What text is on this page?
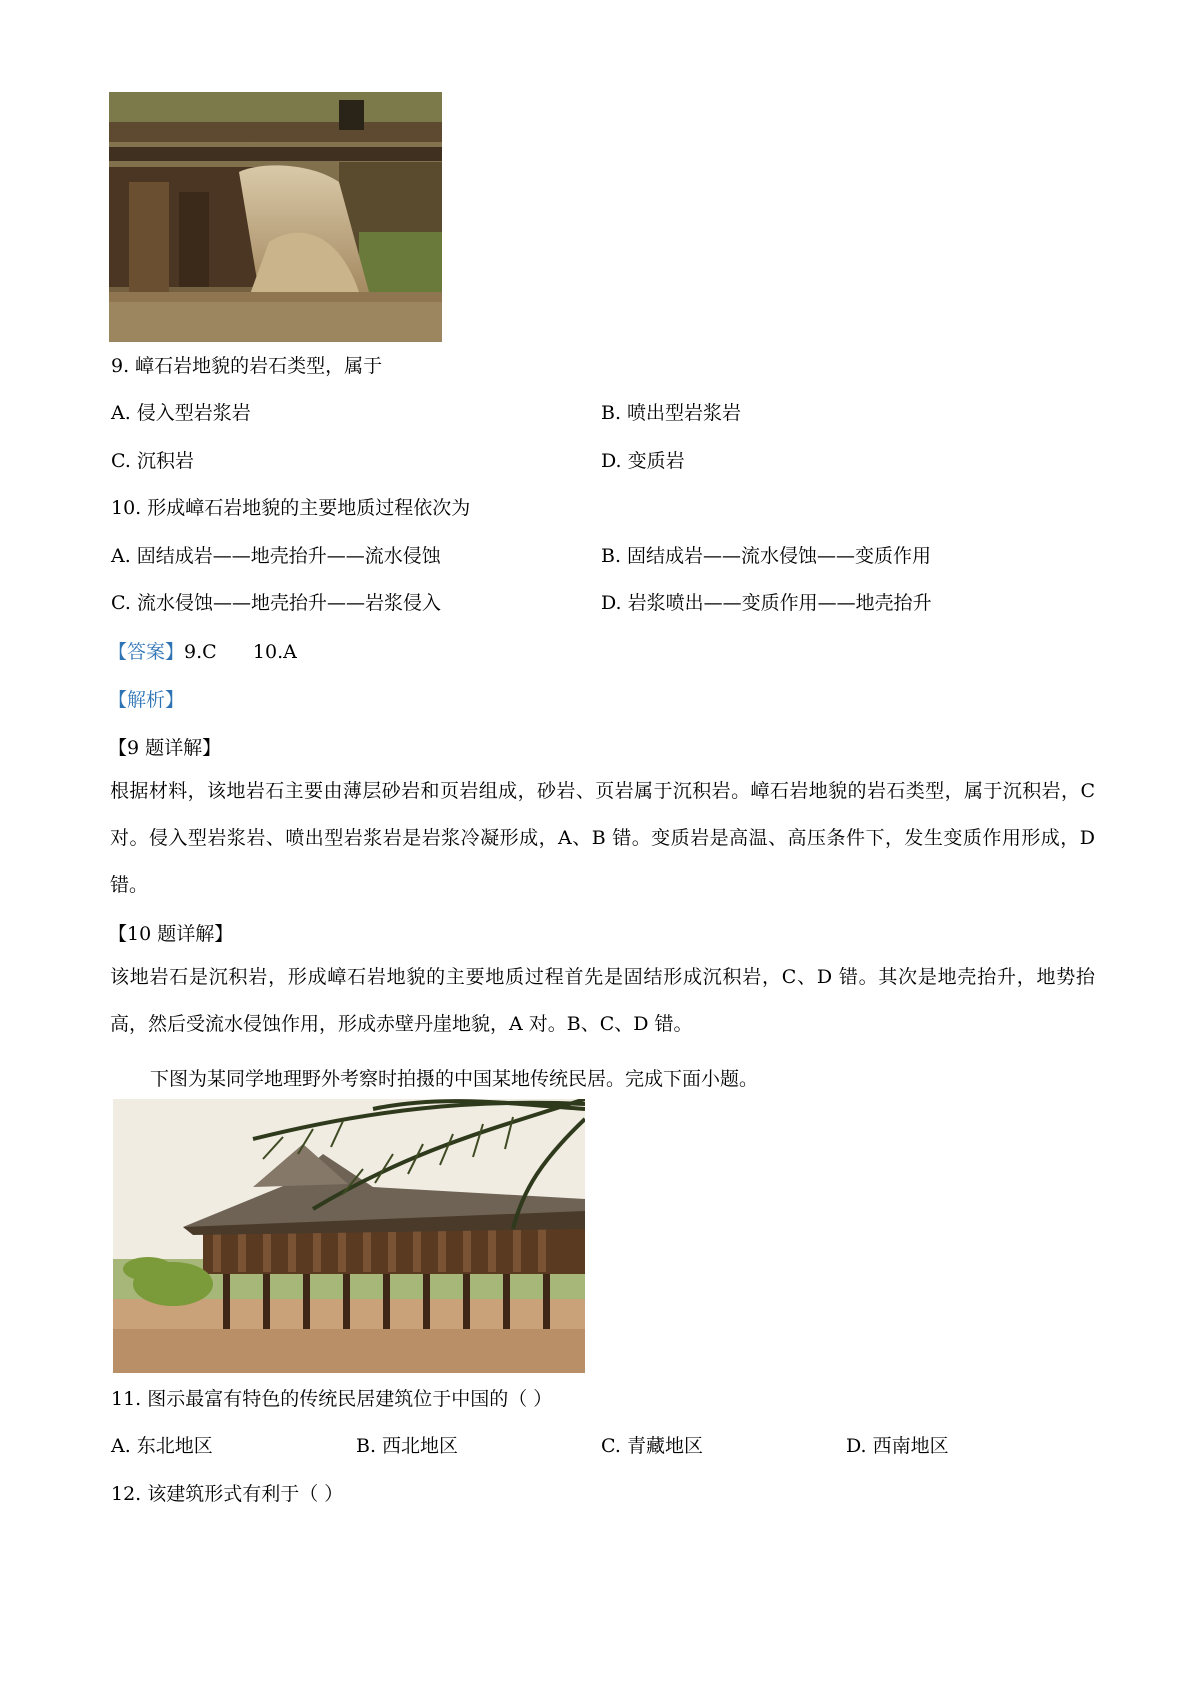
9. 嶂石岩地貌的岩石类型，属于
A. 侵入型岩浆岩	B. 喷出型岩浆岩
C. 沉积岩	D. 变质岩
10. 形成嶂石岩地貌的主要地质过程依次为
A. 固结成岩——地壳抬升——流水侵蚀	B. 固结成岩——流水侵蚀——变质作用
C. 流水侵蚀——地壳抬升——岩浆侵入	D. 岩浆喷出——变质作用——地壳抬升
【答案】9.C      10.A
【解析】
【9 题详解】
根据材料，该地岩石主要由薄层砂岩和页岩组成，砂岩、页岩属于沉积岩。嶂石岩地貌的岩石类型，属于沉积岩，C 对。侵入型岩浆岩、喷出型岩浆岩是岩浆冷凝形成，A、B 错。变质岩是高温、高压条件下，发生变质作用形成，D 错。
【10 题详解】
该地岩石是沉积岩，形成嶂石岩地貌的主要地质过程首先是固结形成沉积岩，C、D 错。其次是地壳抬升，地势抬高，然后受流水侵蚀作用，形成赤壁丹崖地貌，A 对。B、C、D 错。
下图为某同学地理野外考察时拍摄的中国某地传统民居。完成下面小题。
11. 图示最富有特色的传统民居建筑位于中国的（ ）
A. 东北地区	B. 西北地区	C. 青藏地区	D. 西南地区
12. 该建筑形式有利于（ ）
